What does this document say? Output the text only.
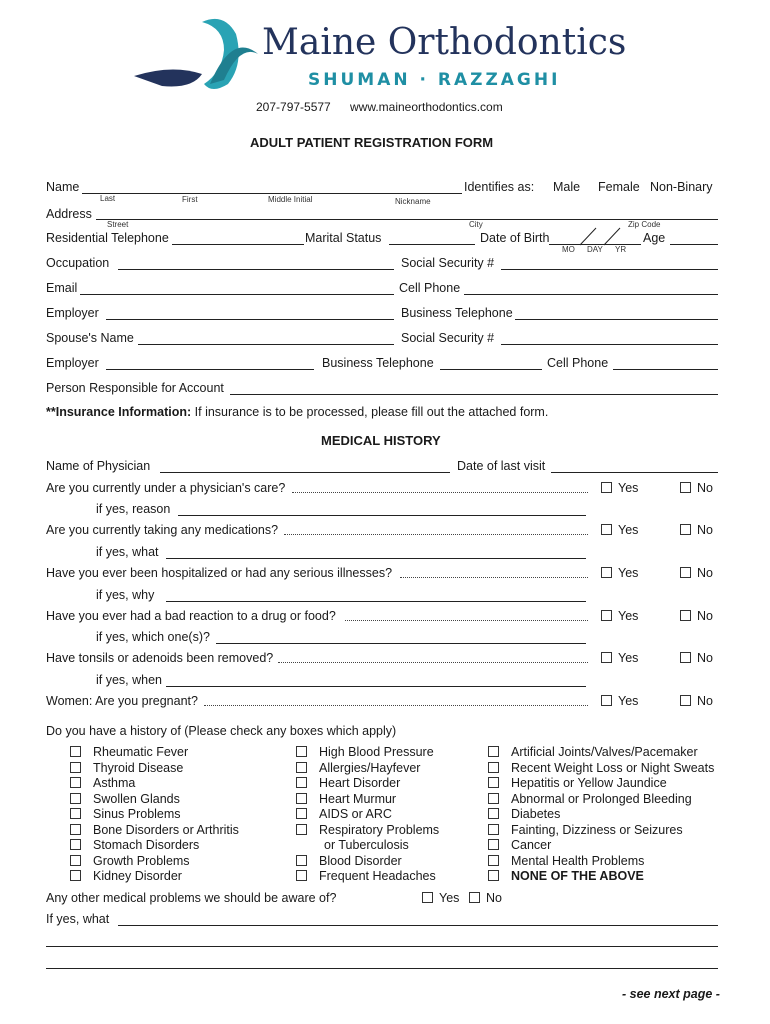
Maine Orthodontics
SHUMAN · RAZZAGHI
207-797-5577 www.maineorthodontics.com
ADULT PATIENT REGISTRATION FORM
Name
Last	First	Middle Initial	Nickname
Identifies as: Male Female Non-Binary
Address
Street	City	Zip Code
Residential Telephone	Marital Status	Date of Birth
MO DAY YR
Age
Occupation	Social Security #
Email	Cell Phone
Employer	Business Telephone
Spouse's Name	Social Security #
Employer	Business Telephone	Cell Phone
Person Responsible for Account
**Insurance Information: If insurance is to be processed, please fill out the attached form.
MEDICAL HISTORY
Name of Physician	Date of last visit
Are you currently under a physician's care?	Yes	No
if yes, reason
Are you currently taking any medications?	Yes	No
if yes, what
Have you ever been hospitalized or had any serious illnesses?	Yes	No
if yes, why
Have you ever had a bad reaction to a drug or food?	Yes	No
if yes, which one(s)?
Have tonsils or adenoids been removed?	Yes	No
if yes, when
Women: Are you pregnant?	Yes	No
Do you have a history of (Please check any boxes which apply)
Rheumatic Fever
Thyroid Disease
Asthma
Swollen Glands
Sinus Problems
Bone Disorders or Arthritis
Stomach Disorders
Growth Problems
Kidney Disorder
High Blood Pressure
Allergies/Hayfever
Heart Disorder
Heart Murmur
AIDS or ARC
Respiratory Problems
or Tuberculosis
Blood Disorder
Frequent Headaches
Artificial Joints/Valves/Pacemaker
Recent Weight Loss or Night Sweats
Hepatitis or Yellow Jaundice
Abnormal or Prolonged Bleeding
Diabetes
Fainting, Dizziness or Seizures
Cancer
Mental Health Problems
NONE OF THE ABOVE
Any other medical problems we should be aware of?	Yes	No
If yes, what
- see next page -
